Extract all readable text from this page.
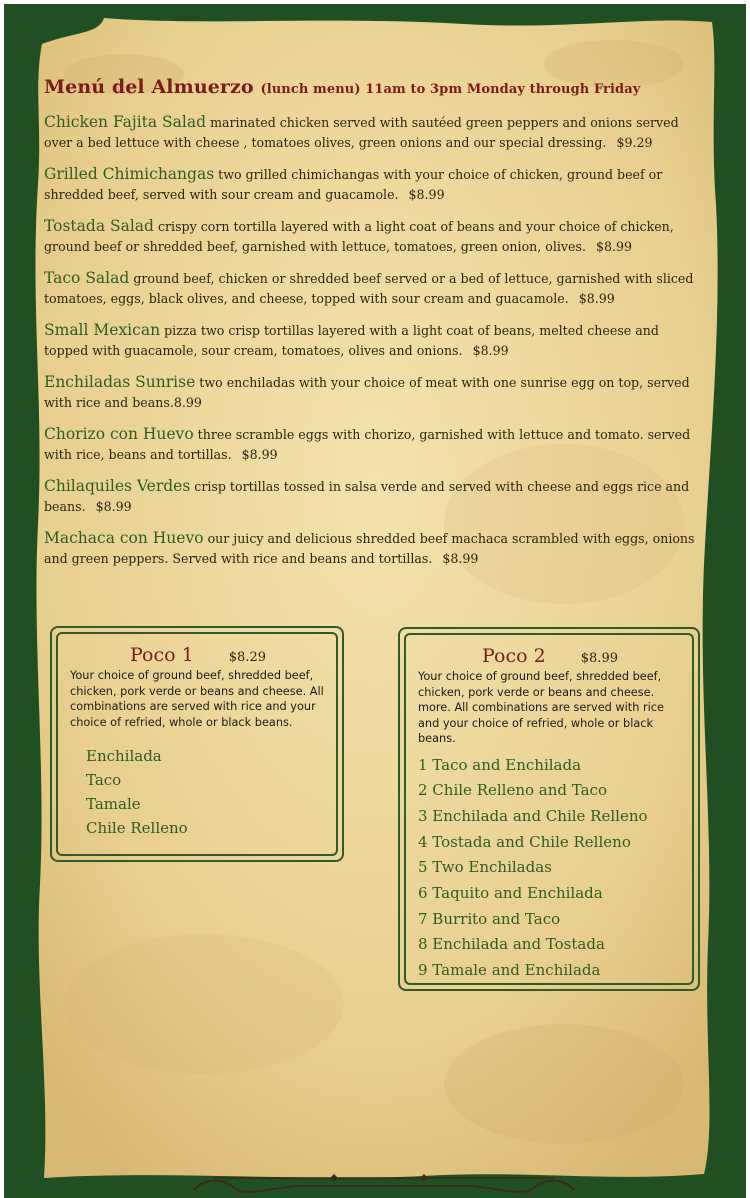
Menú del Almuerzo (lunch menu) 11am to 3pm Monday through Friday
Chicken Fajita Salad marinated chicken served with sautéed green peppers and onions served over a bed lettuce with cheese , tomatoes olives, green onions and our special dressing. $9.29
Grilled Chimichangas two grilled chimichangas with your choice of chicken, ground beef or shredded beef, served with sour cream and guacamole. $8.99
Tostada Salad crispy corn tortilla layered with a light coat of beans and your choice of chicken, ground beef or shredded beef, garnished with lettuce, tomatoes, green onion, olives. $8.99
Taco Salad ground beef, chicken or shredded beef served or a bed of lettuce, garnished with sliced tomatoes, eggs, black olives, and cheese, topped with sour cream and guacamole. $8.99
Small Mexican pizza two crisp tortillas layered with a light coat of beans, melted cheese and topped with guacamole, sour cream, tomatoes, olives and onions. $8.99
Enchiladas Sunrise two enchiladas with your choice of meat with one sunrise egg on top, served with rice and beans.8.99
Chorizo con Huevo three scramble eggs with chorizo, garnished with lettuce and tomato. served with rice, beans and tortillas. $8.99
Chilaquiles Verdes crisp tortillas tossed in salsa verde and served with cheese and eggs rice and beans. $8.99
Machaca con Huevo our juicy and delicious shredded beef machaca scrambled with eggs, onions and green peppers. Served with rice and beans and tortillas. $8.99
Poco 1	$8.29
Your choice of ground beef, shredded beef, chicken, pork verde or beans and cheese. All combinations are served with rice and your choice of refried, whole or black beans.
Enchilada
Taco
Tamale
Chile Relleno
Poco 2	$8.99
Your choice of ground beef, shredded beef, chicken, pork verde or beans and cheese. more. All combinations are served with rice and your choice of refried, whole or black beans.
1 Taco and Enchilada
2 Chile Relleno and Taco
3 Enchilada and Chile Relleno
4 Tostada and Chile Relleno
5 Two Enchiladas
6 Taquito and Enchilada
7 Burrito and Taco
8 Enchilada and Tostada
9 Tamale and Enchilada
